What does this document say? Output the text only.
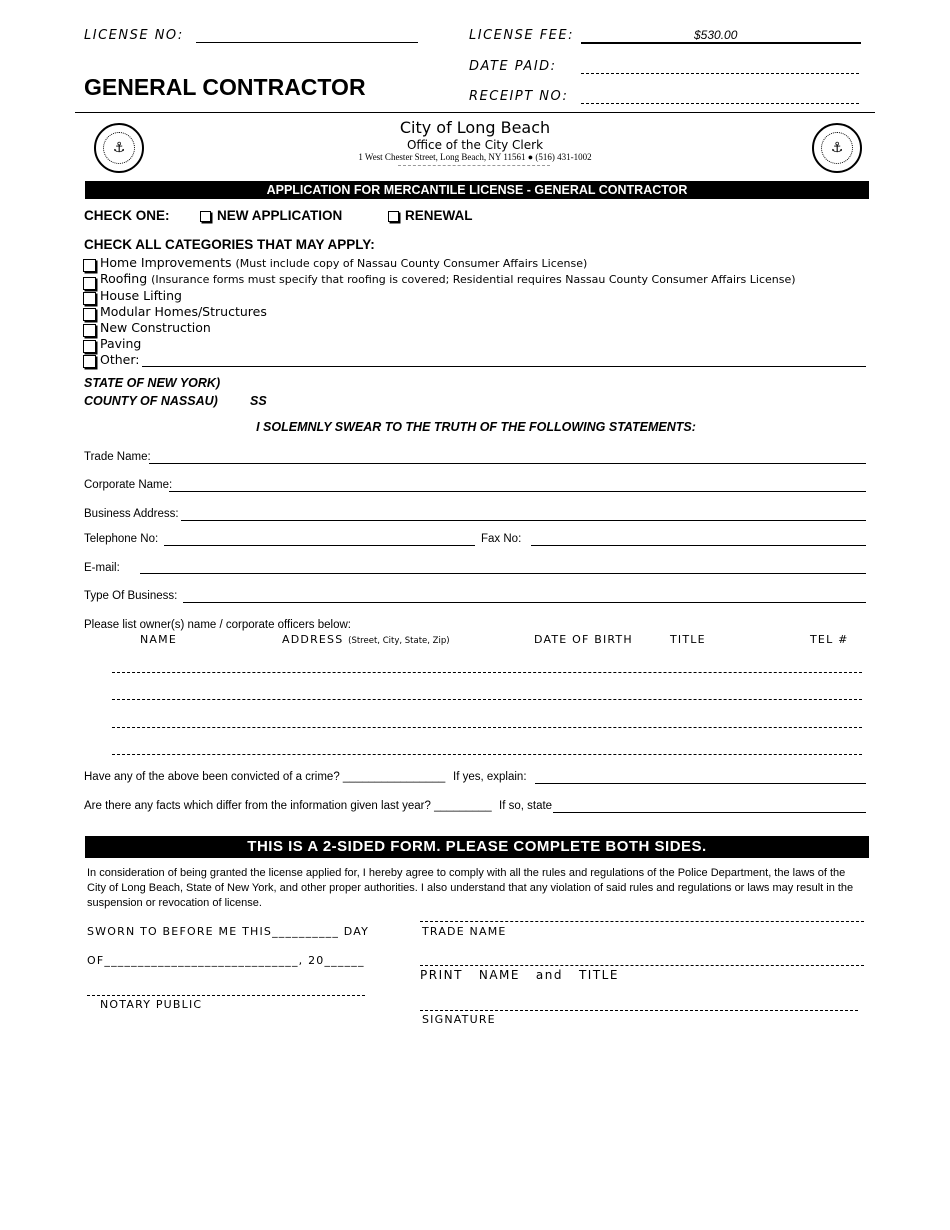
LICENSE NO:	LICENSE FEE:	$530.00
DATE PAID:
GENERAL CONTRACTOR	RECEIPT NO:
⚓	⚓
City of Long Beach
Office of the City Clerk
1 West Chester Street, Long Beach, NY 11561 ● (516) 431-1002
APPLICATION FOR MERCANTILE LICENSE - GENERAL CONTRACTOR
CHECK ONE:	NEW APPLICATION	RENEWAL
CHECK ALL CATEGORIES THAT MAY APPLY:
Home Improvements (Must include copy of Nassau County Consumer Affairs License)
Roofing (Insurance forms must specify that roofing is covered; Residential requires Nassau County Consumer Affairs License)
House Lifting
Modular Homes/Structures
New Construction
Paving
Other:
STATE OF NEW YORK)
COUNTY OF NASSAU)	SS
I SOLEMNLY SWEAR TO THE TRUTH OF THE FOLLOWING STATEMENTS:
Trade Name:
Corporate Name:
Business Address:
Telephone No:	Fax No:
E-mail:
Type Of Business:
Please list owner(s) name / corporate officers below:
NAME	ADDRESS (Street, City, State, Zip)	DATE OF BIRTH	TITLE	TEL #
Have any of the above been convicted of a crime? ________________ If yes, explain:
Are there any facts which differ from the information given last year? _________ If so, state
THIS IS A 2-SIDED FORM. PLEASE COMPLETE BOTH SIDES.
In consideration of being granted the license applied for, I hereby agree to comply with all the rules and regulations of the Police Department, the laws of the City of Long Beach, State of New York, and other proper authorities. I also understand that any violation of said rules and regulations or laws may result in the suspension or revocation of license.
SWORN TO BEFORE ME THIS__________ DAY
OF_____________________________, 20______
NOTARY PUBLIC
TRADE NAME
PRINT   NAME   and   TITLE
SIGNATURE
